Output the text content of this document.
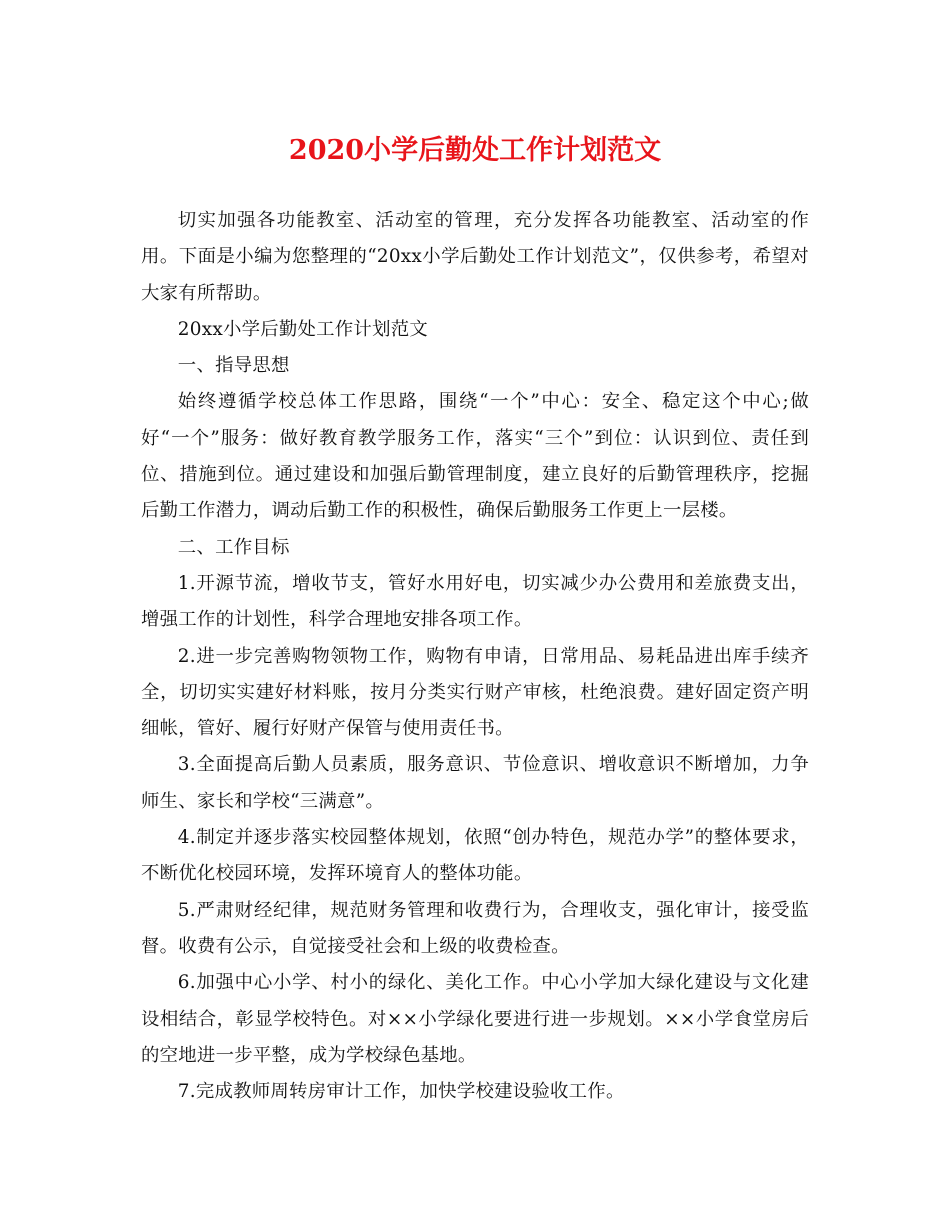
2020小学后勤处工作计划范文

切实加强各功能教室、活动室的管理，充分发挥各功能教室、活动室的作用。下面是小编为您整理的“20xx小学后勤处工作计划范文”，仅供参考，希望对大家有所帮助。

20xx小学后勤处工作计划范文

一、指导思想

始终遵循学校总体工作思路，围绕“一个”中心：安全、稳定这个中心;做好“一个”服务：做好教育教学服务工作，落实“三个”到位：认识到位、责任到位、措施到位。通过建设和加强后勤管理制度，建立良好的后勤管理秩序，挖掘后勤工作潜力，调动后勤工作的积极性，确保后勤服务工作更上一层楼。

二、工作目标

1.开源节流，增收节支，管好水用好电，切实减少办公费用和差旅费支出，增强工作的计划性，科学合理地安排各项工作。

2.进一步完善购物领物工作，购物有申请，日常用品、易耗品进出库手续齐全，切切实实建好材料账，按月分类实行财产审核，杜绝浪费。建好固定资产明细帐，管好、履行好财产保管与使用责任书。

3.全面提高后勤人员素质，服务意识、节俭意识、增收意识不断增加，力争师生、家长和学校“三满意”。

4.制定并逐步落实校园整体规划，依照“创办特色，规范办学”的整体要求，不断优化校园环境，发挥环境育人的整体功能。

5.严肃财经纪律，规范财务管理和收费行为，合理收支，强化审计，接受监督。收费有公示，自觉接受社会和上级的收费检查。

6.加强中心小学、村小的绿化、美化工作。中心小学加大绿化建设与文化建设相结合，彰显学校特色。对××小学绿化要进行进一步规划。××小学食堂房后的空地进一步平整，成为学校绿色基地。

7.完成教师周转房审计工作，加快学校建设验收工作。
